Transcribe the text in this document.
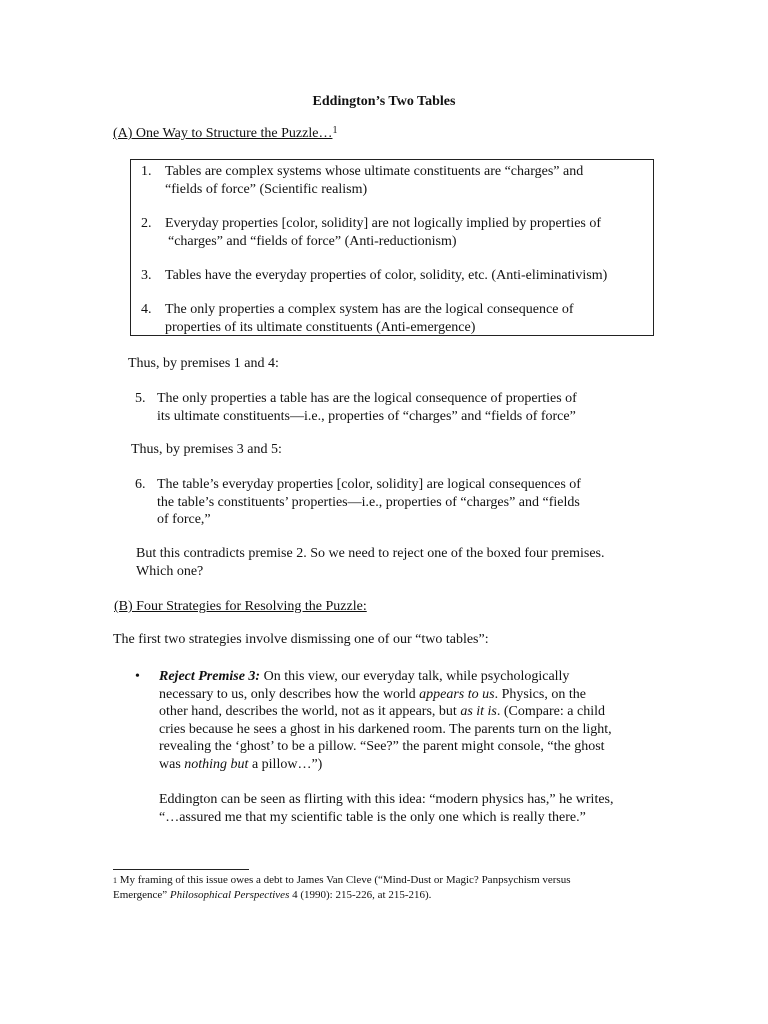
Eddington’s Two Tables
(A) One Way to Structure the Puzzle…$^1$
1. Tables are complex systems whose ultimate constituents are “charges” and
“fields of force” (Scientific realism)
2. Everyday properties [color, solidity] are not logically implied by properties of
“charges” and “fields of force” (Anti-reductionism)
3. Tables have the everyday properties of color, solidity, etc. (Anti-eliminativism)
4. The only properties a complex system has are the logical consequence of
properties of its ultimate constituents (Anti-emergence)
Thus, by premises 1 and 4:
5. The only properties a table has are the logical consequence of properties of
its ultimate constituents—i.e., properties of “charges” and “fields of force”
Thus, by premises 3 and 5:
6. The table’s everyday properties [color, solidity] are logical consequences of
the table’s constituents’ properties—i.e., properties of “charges” and “fields
of force,”
But this contradicts premise 2. So we need to reject one of the boxed four premises.
Which one?
(B) Four Strategies for Resolving the Puzzle:
The first two strategies involve dismissing one of our “two tables”:
• Reject Premise 3: On this view, our everyday talk, while psychologically
necessary to us, only describes how the world appears to us. Physics, on the
other hand, describes the world, not as it appears, but as it is. (Compare: a child
cries because he sees a ghost in his darkened room. The parents turn on the light,
revealing the ‘ghost’ to be a pillow. “See?” the parent might console, “the ghost
was nothing but a pillow…”)
Eddington can be seen as flirting with this idea: “modern physics has,” he writes,
“…assured me that my scientific table is the only one which is really there.”
$^1$ My framing of this issue owes a debt to James Van Cleve (“Mind-Dust or Magic? Panpsychism versus
Emergence” Philosophical Perspectives 4 (1990): 215-226, at 215-216).
